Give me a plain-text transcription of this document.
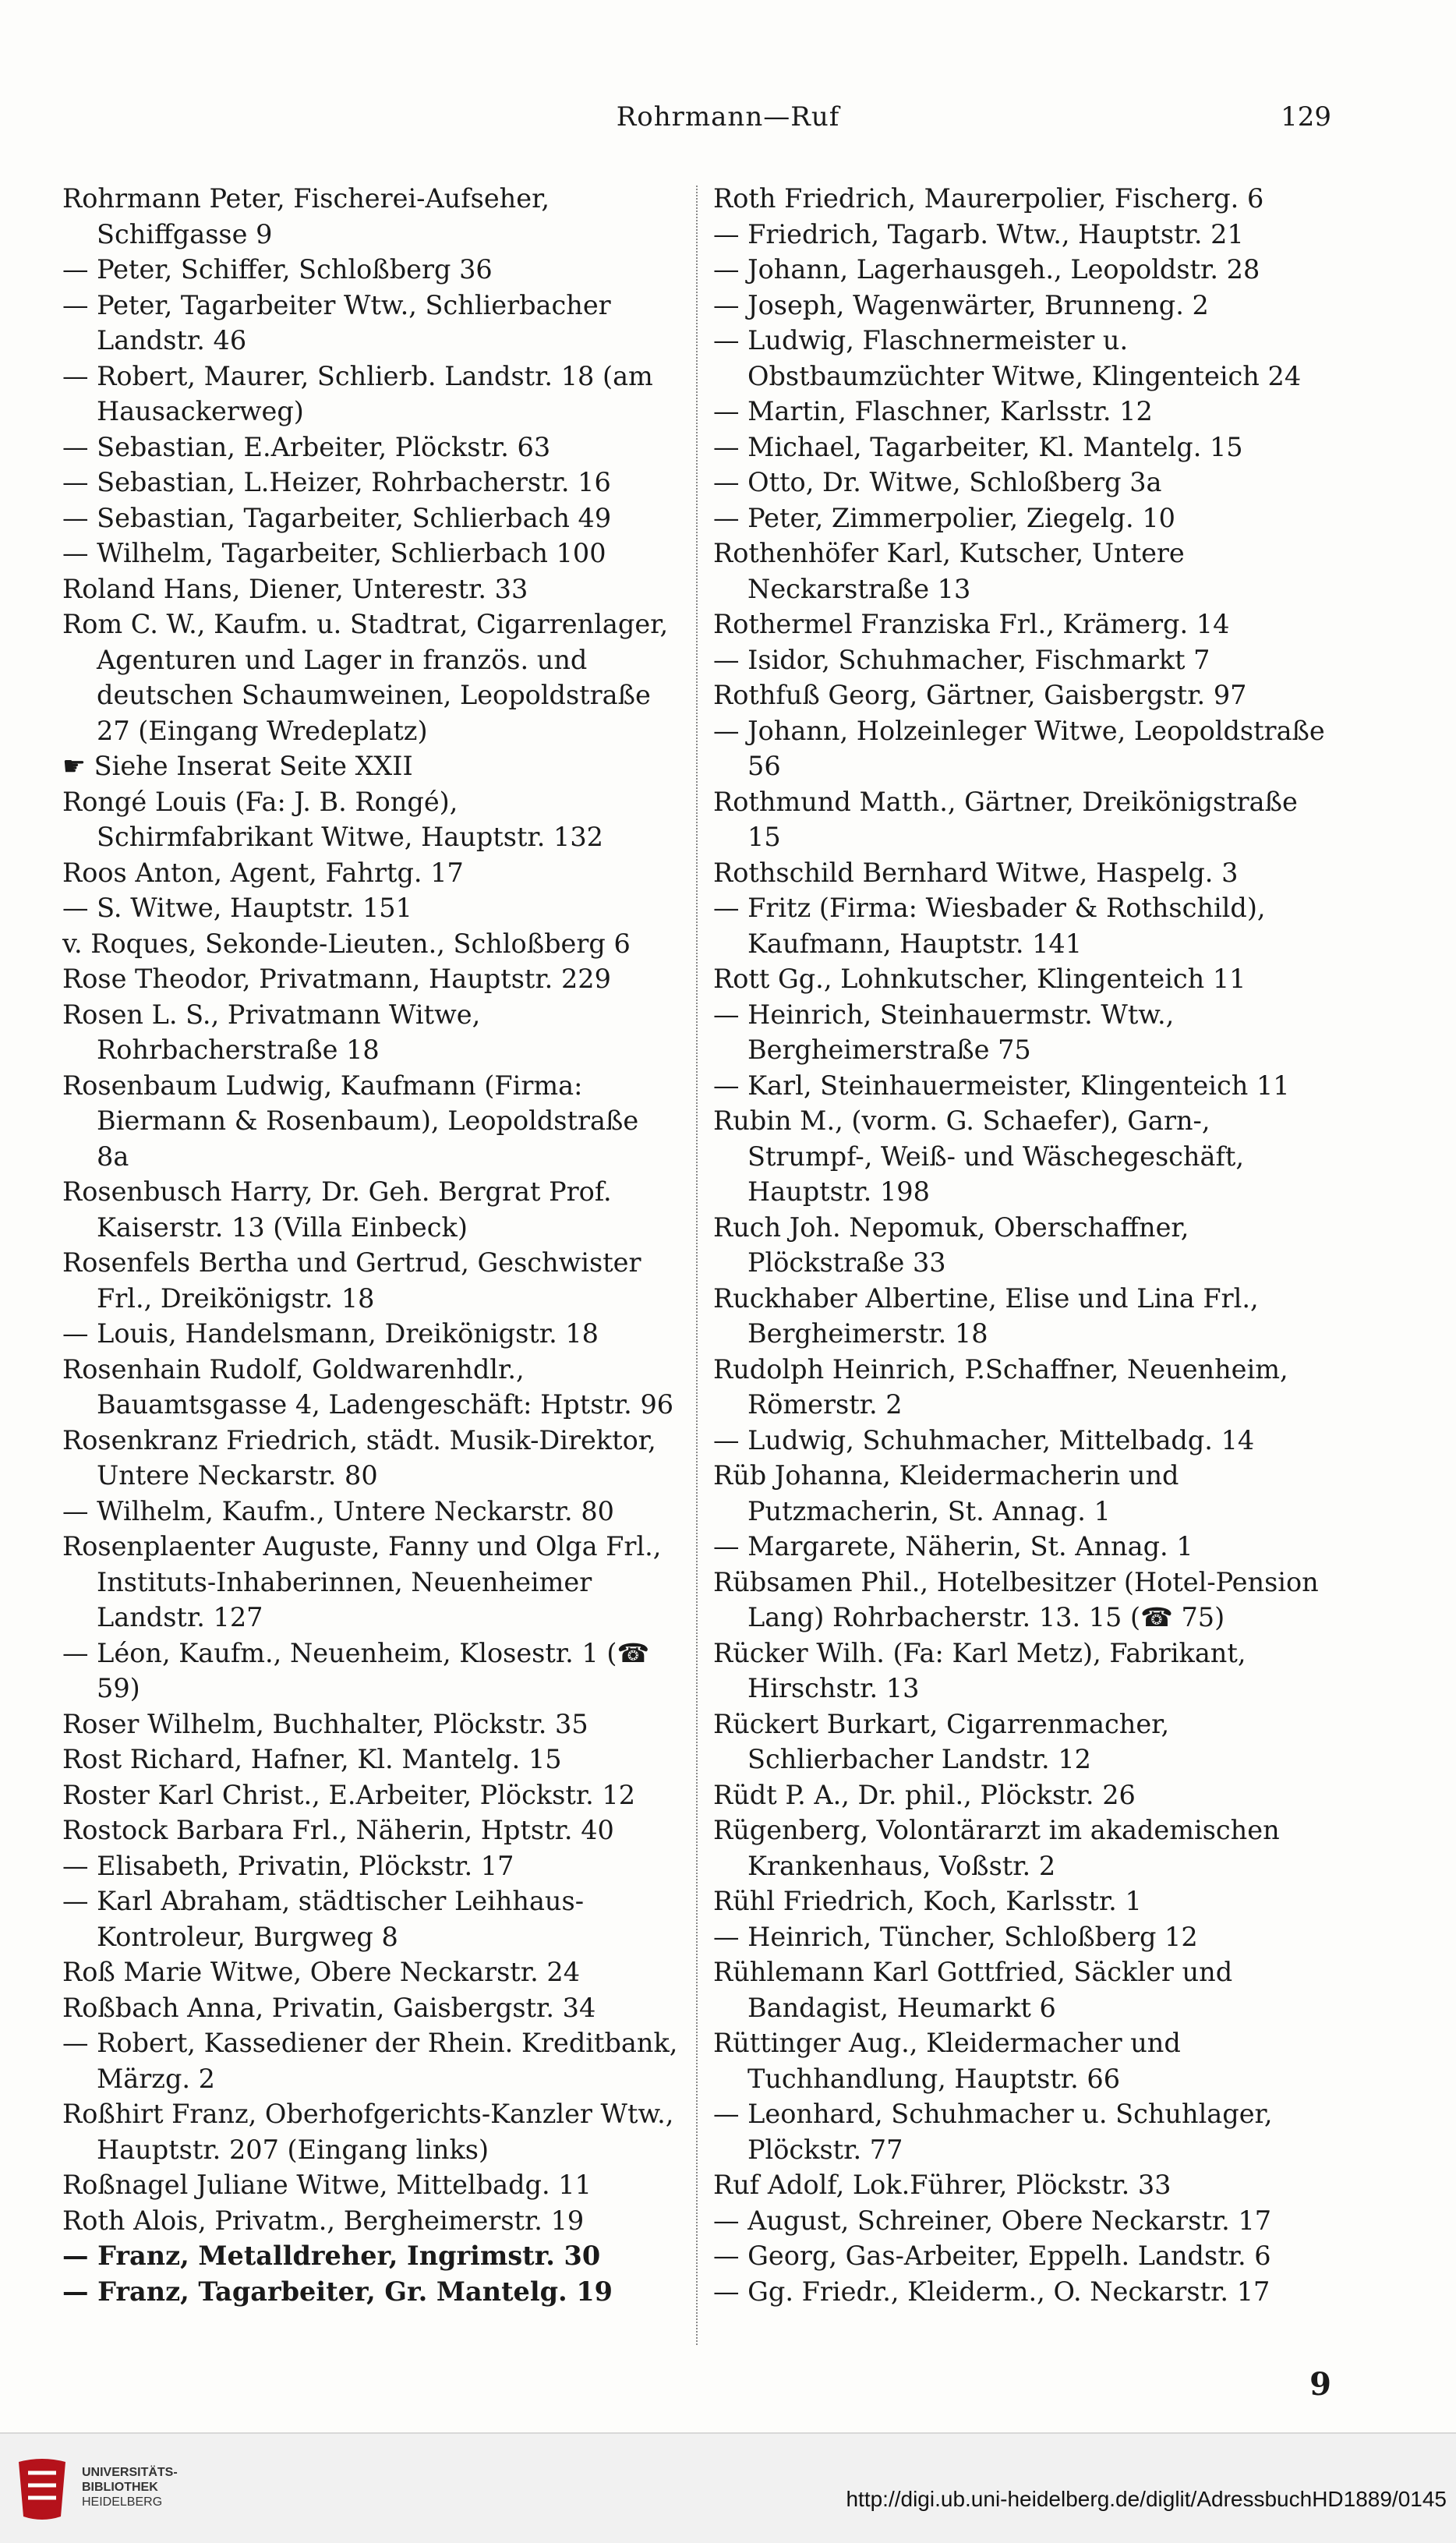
Rohrmann—Ruf	129

Rohrmann Peter, Fischerei-Aufseher, Schiffgasse 9

— Peter, Schiffer, Schloßberg 36

— Peter, Tagarbeiter Wtw., Schlierbacher Landstr. 46

— Robert, Maurer, Schlierb. Landstr. 18 (am Hausackerweg)

— Sebastian, E.Arbeiter, Plöckstr. 63

— Sebastian, L.Heizer, Rohrbacherstr. 16

— Sebastian, Tagarbeiter, Schlierbach 49

— Wilhelm, Tagarbeiter, Schlierbach 100

Roland Hans, Diener, Unterestr. 33

Rom C. W., Kaufm. u. Stadtrat, Cigarrenlager, Agenturen und Lager in französ. und deutschen Schaumweinen, Leopoldstraße 27 (Eingang Wredeplatz)

☛ Siehe Inserat Seite XXII

Rongé Louis (Fa: J. B. Rongé), Schirmfabrikant Witwe, Hauptstr. 132

Roos Anton, Agent, Fahrtg. 17

— S. Witwe, Hauptstr. 151

v. Roques, Sekonde-Lieuten., Schloßberg 6

Rose Theodor, Privatmann, Hauptstr. 229

Rosen L. S., Privatmann Witwe, Rohrbacherstraße 18

Rosenbaum Ludwig, Kaufmann (Firma: Biermann & Rosenbaum), Leopoldstraße 8a

Rosenbusch Harry, Dr. Geh. Bergrat Prof. Kaiserstr. 13 (Villa Einbeck)

Rosenfels Bertha und Gertrud, Geschwister Frl., Dreikönigstr. 18

— Louis, Handelsmann, Dreikönigstr. 18

Rosenhain Rudolf, Goldwarenhdlr., Bauamtsgasse 4, Ladengeschäft: Hptstr. 96

Rosenkranz Friedrich, städt. Musik-Direktor, Untere Neckarstr. 80

— Wilhelm, Kaufm., Untere Neckarstr. 80

Rosenplaenter Auguste, Fanny und Olga Frl., Instituts-Inhaberinnen, Neuenheimer Landstr. 127

— Léon, Kaufm., Neuenheim, Klosestr. 1 (☎ 59)

Roser Wilhelm, Buchhalter, Plöckstr. 35

Rost Richard, Hafner, Kl. Mantelg. 15

Roster Karl Christ., E.Arbeiter, Plöckstr. 12

Rostock Barbara Frl., Näherin, Hptstr. 40

— Elisabeth, Privatin, Plöckstr. 17

— Karl Abraham, städtischer Leihhaus-Kontroleur, Burgweg 8

Roß Marie Witwe, Obere Neckarstr. 24

Roßbach Anna, Privatin, Gaisbergstr. 34

— Robert, Kassediener der Rhein. Kreditbank, Märzg. 2

Roßhirt Franz, Oberhofgerichts-Kanzler Wtw., Hauptstr. 207 (Eingang links)

Roßnagel Juliane Witwe, Mittelbadg. 11

Roth Alois, Privatm., Bergheimerstr. 19

— Franz, Metalldreher, Ingrimstr. 30

— Franz, Tagarbeiter, Gr. Mantelg. 19

Roth Friedrich, Maurerpolier, Fischerg. 6

— Friedrich, Tagarb. Wtw., Hauptstr. 21

— Johann, Lagerhausgeh., Leopoldstr. 28

— Joseph, Wagenwärter, Brunneng. 2

— Ludwig, Flaschnermeister u. Obstbaumzüchter Witwe, Klingenteich 24

— Martin, Flaschner, Karlsstr. 12

— Michael, Tagarbeiter, Kl. Mantelg. 15

— Otto, Dr. Witwe, Schloßberg 3a

— Peter, Zimmerpolier, Ziegelg. 10

Rothenhöfer Karl, Kutscher, Untere Neckarstraße 13

Rothermel Franziska Frl., Krämerg. 14

— Isidor, Schuhmacher, Fischmarkt 7

Rothfuß Georg, Gärtner, Gaisbergstr. 97

— Johann, Holzeinleger Witwe, Leopoldstraße 56

Rothmund Matth., Gärtner, Dreikönigstraße 15

Rothschild Bernhard Witwe, Haspelg. 3

— Fritz (Firma: Wiesbader & Rothschild), Kaufmann, Hauptstr. 141

Rott Gg., Lohnkutscher, Klingenteich 11

— Heinrich, Steinhauermstr. Wtw., Bergheimerstraße 75

— Karl, Steinhauermeister, Klingenteich 11

Rubin M., (vorm. G. Schaefer), Garn-, Strumpf-, Weiß- und Wäschegeschäft, Hauptstr. 198

Ruch Joh. Nepomuk, Oberschaffner, Plöckstraße 33

Ruckhaber Albertine, Elise und Lina Frl., Bergheimerstr. 18

Rudolph Heinrich, P.Schaffner, Neuenheim, Römerstr. 2

— Ludwig, Schuhmacher, Mittelbadg. 14

Rüb Johanna, Kleidermacherin und Putzmacherin, St. Annag. 1

— Margarete, Näherin, St. Annag. 1

Rübsamen Phil., Hotelbesitzer (Hotel-Pension Lang) Rohrbacherstr. 13. 15 (☎ 75)

Rücker Wilh. (Fa: Karl Metz), Fabrikant, Hirschstr. 13

Rückert Burkart, Cigarrenmacher, Schlierbacher Landstr. 12

Rüdt P. A., Dr. phil., Plöckstr. 26

Rügenberg, Volontärarzt im akademischen Krankenhaus, Voßstr. 2

Rühl Friedrich, Koch, Karlsstr. 1

— Heinrich, Tüncher, Schloßberg 12

Rühlemann Karl Gottfried, Säckler und Bandagist, Heumarkt 6

Rüttinger Aug., Kleidermacher und Tuchhandlung, Hauptstr. 66

— Leonhard, Schuhmacher u. Schuhlager, Plöckstr. 77

Ruf Adolf, Lok.Führer, Plöckstr. 33

— August, Schreiner, Obere Neckarstr. 17

— Georg, Gas-Arbeiter, Eppelh. Landstr. 6

— Gg. Friedr., Kleiderm., O. Neckarstr. 17

9
UNIVERSITÄTS-
BIBLIOTHEK
HEIDELBERG	http://digi.ub.uni-heidelberg.de/diglit/AdressbuchHD1889/0145
